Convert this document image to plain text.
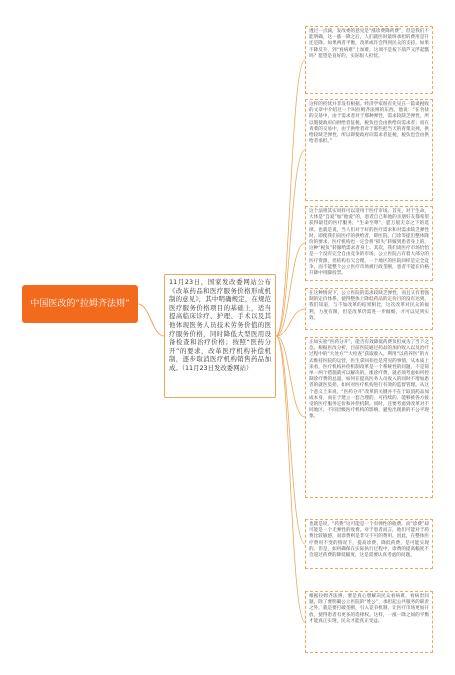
中国医改的“拉姆齐法则”
11月23日，国家发改委网站公布《改革药品和医疗服务价格形成机制的意见》，其中明确规定，在规范医疗服务价格项目的基础上，适当提高临床诊疗、护理、手术以及其他体现医务人员技术劳务价值的医疗服务价格，同时降低大型医用设备检查和治疗价格；按照“医药分开”的要求，改革医疗机构补偿机制，逐步取消医疗机构销售药品加成。（11月23日发改委网站）
透过一点滴，发改委的意见是“涨诊费降药费”，但是我们不能明确，这一涨一降之后，人们就医时最终承担的费用是升还是降。如果两者平衡，改革或许会得到民众的支持。如果不降反升，到“看病难”上加难，这项不是按下葫芦又浮起瓢吗？愿望是良好的，实际很人担忧。
这样的担忧并非没有根据。经济学家很有先见在一篇谈税收的文章中介绍过一个叫拉姆齐法则的东西。他说：“在食盐的交易中，由于需求者对于那种弹性，需求较缺乏弹性，所以假使政府向供给者征税，税负也会由供给向需求者；而在青菜的交易中，由于供给者对于那些把当天的青菜卖掉，供给较缺乏弹性，所以即使政府向需求者征税，税负也会由供给者承担。”
这个法则其实同样可以适用于医疗市场。首先，对于生命，大体是“自爱”加“他爱”的，患者自己和他的亲朋好友都希望获得最佳的医疗服务，“生命至尊”，愿万般无奈之下的选择。也就是说，当人们对于好的医疗需求和对需求缺乏弹性时，即使我们向医疗的供给者，即医院、门诊等提出整体降价的要求，医疗机构也一定会将“损失”转嫁到患者身上的，这种“税负”转嫁给需求者身上。其次，我们谈医疗市场恰恰是一个没有完全自由竞争的市场，公立医院占有着大部分的医疗资源，但结构有欠合理，一个地区的医院同样是完全竞争，而不能整个公立医疗市场被行政垄断，患者不能在价格升降中用脚投票。
在这种情况下，公立医院的需求较缺乏弹性，而且又有着强制的定价体系，使得整体上降低药品的定价目的没有达到。我们知道，与不加改革的结果相比，这次改革对民众的福利，力度有限，但是改革仍需进一步做细，才可以见到实效。
正如实验“医药分开”，能否有效降低药费负担成为了当下之急。根据医改分析，目前医院通过药品的加价收入以及治疗过程中的“大处方”“大检查”获取收入，利用“以药养医”的方式维持医院的运营，医生拿回扣也是常见的事情，从本质上来看，医疗机构补偿机制改革是一个系统性的问题，不是简单一两个措施就可以解决的。涨诊疗费，就必须考虑如何控制诊疗费的总量，如何在提高医务人员收入的同时不增加患者的就医负担，如何对医疗机构进行有效的监督管理。从这个意义上来说，“医药分开”改革的关键并不在于取消药品加成本身，而在于建立一套合理的、可持续的、能够被各方接受的医疗服务定价和补偿机制。同时，还要考虑到改革对不同地区、不同层级医疗机构的影响，避免出现新的不公平现象。
也就是说，“药费”这可能是一个有弹性的收费。而“诊费”却可能是一个无弹性的收费。对于患者而言，他们可能对于药费比较敏感，而诊费则是非交不可的费用。因此，在整体医疗费用不变的情况下，提高诊费，降低药费，是可能实现的。但是，如何确保在实际执行过程中，诊费的提高幅度不会超过药费的降低幅度，这是需要认真考虑的问题。
根据拉姆齐法则，要是真心想解决民众看病难、看病贵问题，除了要明确公立医院的“姓公”，承担起公共服务的职责之外，就是要打破垄断，引入竞争机制，让医疗市场更加开放，使得患者有更多的选择权。这样，一涨一降之间的平衡才能真正实现，民众才能真正受益。
